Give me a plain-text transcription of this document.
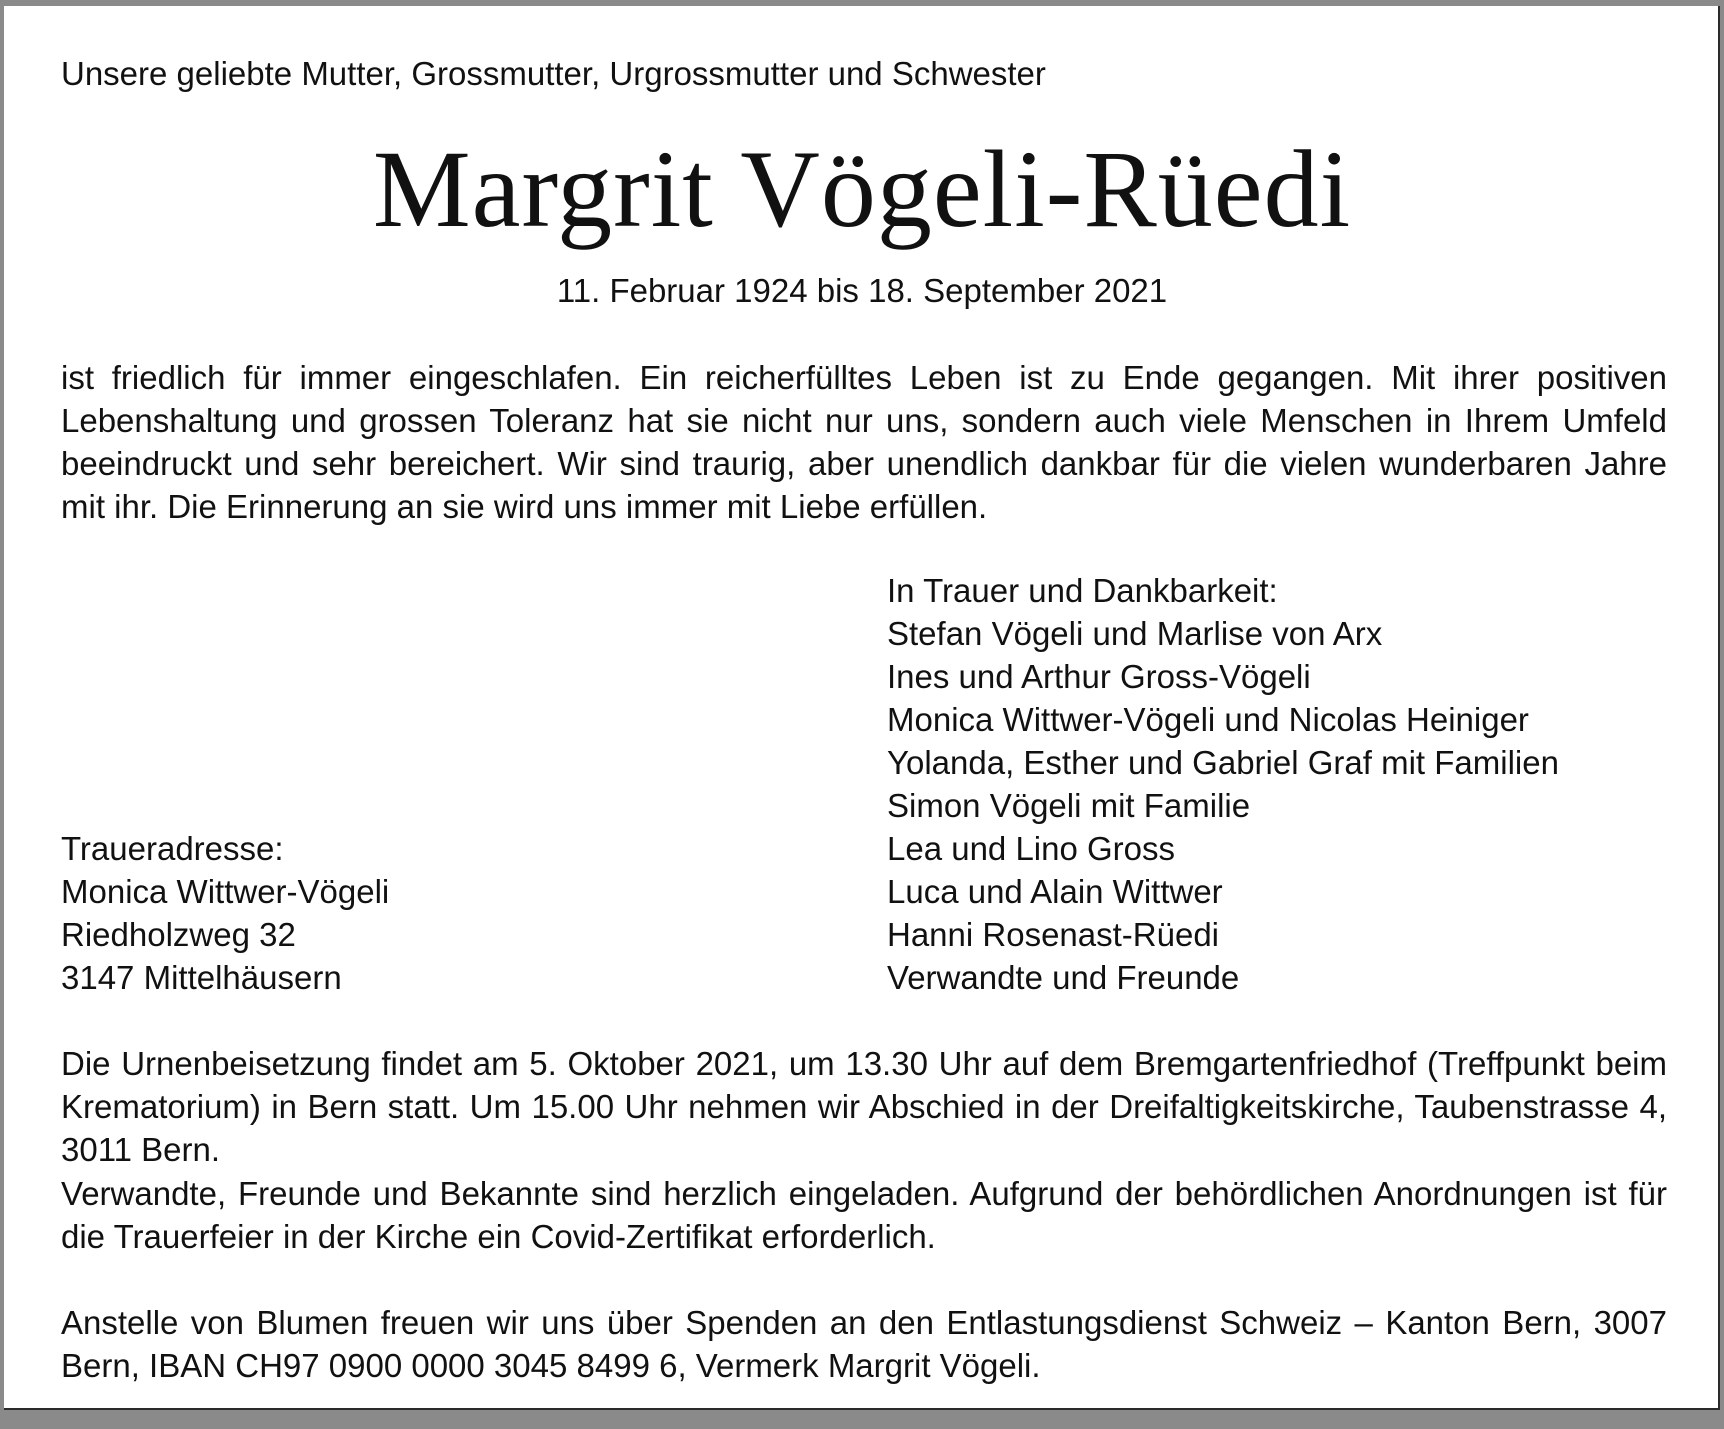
Unsere geliebte Mutter, Grossmutter, Urgrossmutter und Schwester

Margrit Vögeli-Rüedi

11. Februar 1924 bis 18. September 2021

ist friedlich für immer eingeschlafen. Ein reicherfülltes Leben ist zu Ende gegangen. Mit ihrer positiven Lebenshaltung und grossen Toleranz hat sie nicht nur uns, sondern auch viele Menschen in Ihrem Umfeld beeindruckt und sehr bereichert. Wir sind traurig, aber unendlich dankbar für die vielen wunderbaren Jahre mit ihr. Die Erinnerung an sie wird uns immer mit Liebe erfüllen.

Traueradresse:
Monica Wittwer-Vögeli
Riedholzweg 32
3147 Mittelhäusern
In Trauer und Dankbarkeit:
Stefan Vögeli und Marlise von Arx
Ines und Arthur Gross-Vögeli
Monica Wittwer-Vögeli und Nicolas Heiniger
Yolanda, Esther und Gabriel Graf mit Familien
Simon Vögeli mit Familie
Lea und Lino Gross
Luca und Alain Wittwer
Hanni Rosenast-Rüedi
Verwandte und Freunde

Die Urnenbeisetzung findet am 5. Oktober 2021, um 13.30 Uhr auf dem Bremgartenfriedhof (Treffpunkt beim Krematorium) in Bern statt. Um 15.00 Uhr nehmen wir Abschied in der Dreifaltigkeitskirche, Taubenstrasse 4, 3011 Bern.

Verwandte, Freunde und Bekannte sind herzlich eingeladen. Aufgrund der behördlichen Anordnungen ist für die Trauerfeier in der Kirche ein Covid-Zertifikat erforderlich.

Anstelle von Blumen freuen wir uns über Spenden an den Entlastungsdienst Schweiz – Kanton Bern, 3007 Bern, IBAN CH97 0900 0000 3045 8499 6, Vermerk Margrit Vögeli.
